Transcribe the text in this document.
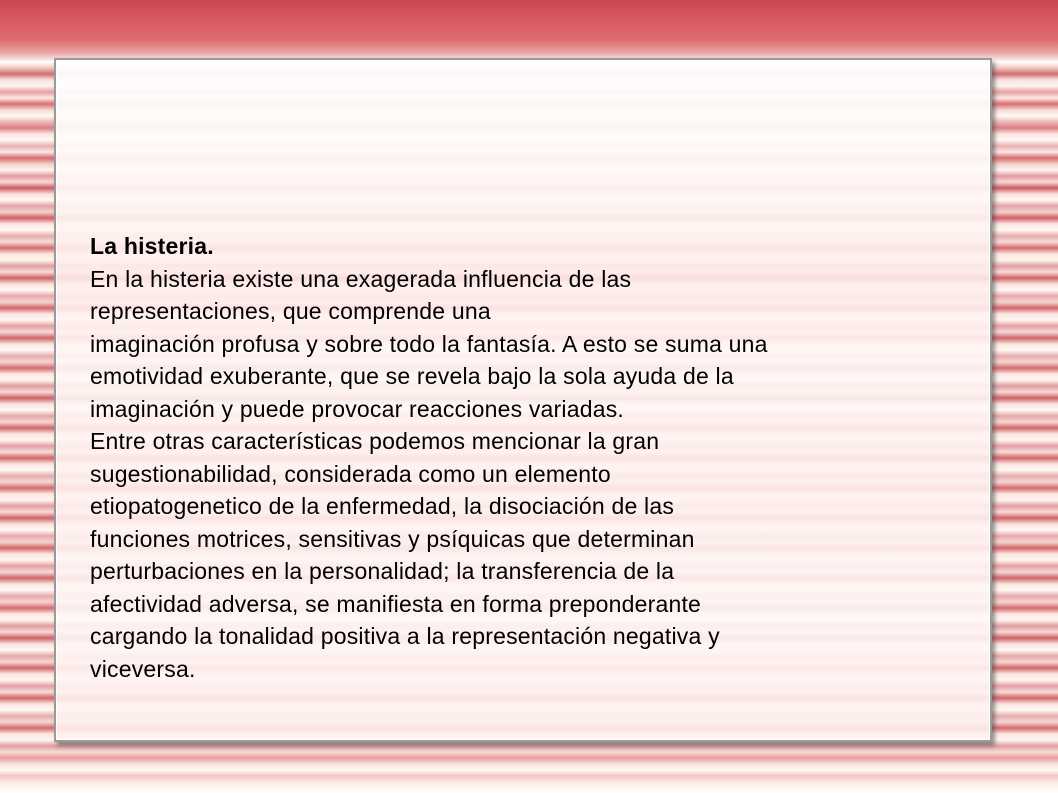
La histeria.

En la histeria existe una exagerada influencia de las
representaciones, que comprende una

imaginación profusa y sobre todo la fantasía. A esto se suma una
emotividad exuberante, que se revela bajo la sola ayuda de la
imaginación y puede provocar reacciones variadas.

Entre otras características podemos mencionar la gran
sugestionabilidad, considerada como un elemento
etiopatogenetico de la enfermedad, la disociación de las
funciones motrices, sensitivas y psíquicas que determinan
perturbaciones en la personalidad; la transferencia de la
afectividad adversa, se manifiesta en forma preponderante
cargando la tonalidad positiva a la representación negativa y
viceversa.
